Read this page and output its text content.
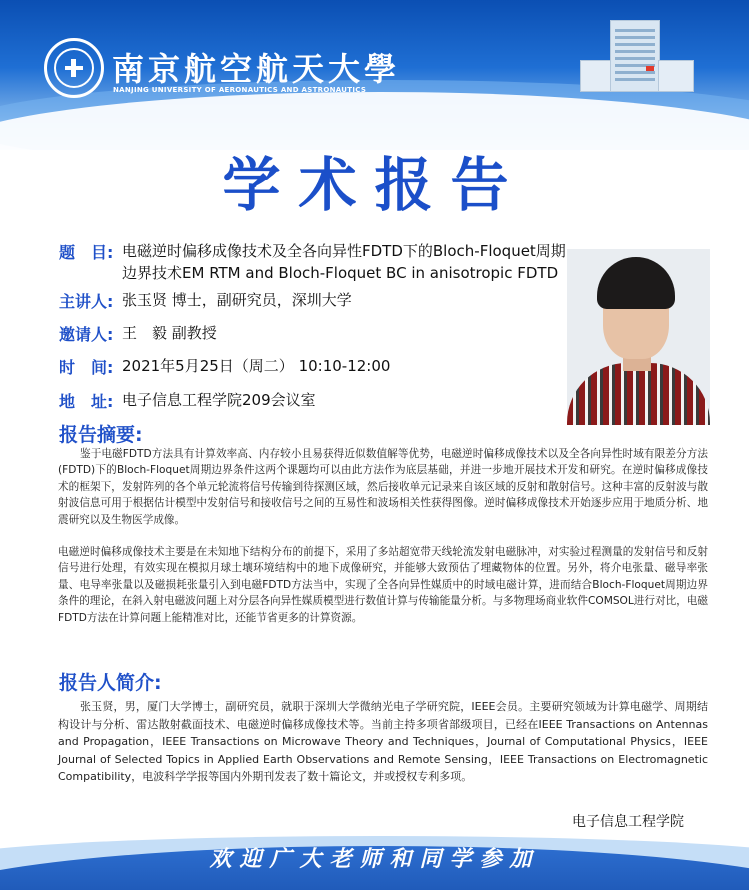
南京航空航天大學
NANJING UNIVERSITY OF AERONAUTICS AND ASTRONAUTICS
学术报告
题　目: 电磁逆时偏移成像技术及全各向异性FDTD下的Bloch-Floquet周期
边界技术EM RTM and Bloch-Floquet BC in anisotropic FDTD
主讲人: 张玉贤 博士，副研究员，深圳大学
邀请人: 王　毅 副教授
时　间: 2021年5月25日（周二） 10:10-12:00
地　址: 电子信息工程学院209会议室
报告摘要:
鉴于电磁FDTD方法具有计算效率高、内存较小且易获得近似数值解等优势，电磁逆时偏移成像技术以及全各向异性时域有限差分方法(FDTD)下的Bloch-Floquet周期边界条件这两个课题均可以由此方法作为底层基础，并进一步地开展技术开发和研究。在逆时偏移成像技术的框架下，发射阵列的各个单元轮流将信号传输到待探测区域，然后接收单元记录来自该区域的反射和散射信号。这种丰富的反射波与散射波信息可用于根据估计模型中发射信号和接收信号之间的互易性和波场相关性获得图像。逆时偏移成像技术开始逐步应用于地质分析、地震研究以及生物医学成像。
电磁逆时偏移成像技术主要是在未知地下结构分布的前提下，采用了多站超宽带天线轮流发射电磁脉冲，对实验过程测量的发射信号和反射信号进行处理，有效实现在模拟月球土壤环境结构中的地下成像研究，并能够大致预估了埋藏物体的位置。另外，将介电张量、磁导率张量、电导率张量以及磁损耗张量引入到电磁FDTD方法当中，实现了全各向异性媒质中的时域电磁计算，进而结合Bloch-Floquet周期边界条件的理论，在斜入射电磁波问题上对分层各向异性媒质模型进行数值计算与传输能量分析。与多物理场商业软件COMSOL进行对比，电磁FDTD方法在计算问题上能精准对比，还能节省更多的计算资源。
报告人简介:
张玉贤，男，厦门大学博士，副研究员，就职于深圳大学微纳光电子学研究院，IEEE会员。主要研究领域为计算电磁学、周期结构设计与分析、雷达散射截面技术、电磁逆时偏移成像技术等。当前主持多项省部级项目，已经在IEEE Transactions on Antennas and Propagation，IEEE Transactions on Microwave Theory and Techniques，Journal of Computational Physics，IEEE Journal of Selected Topics in Applied Earth Observations and Remote Sensing，IEEE Transactions on Electromagnetic Compatibility，电波科学学报等国内外期刊发表了数十篇论文，并或授权专利多项。
电子信息工程学院
欢迎广大老师和同学参加
